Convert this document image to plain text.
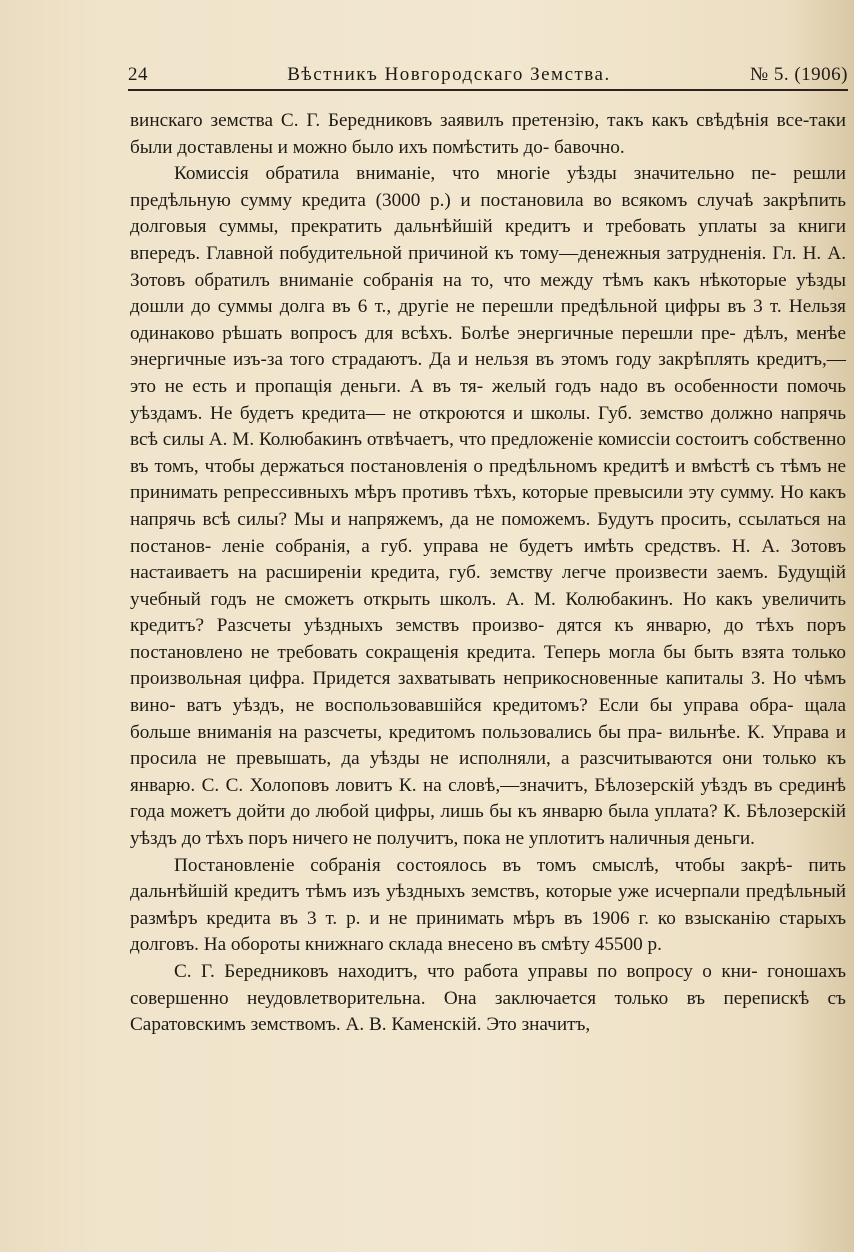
24	Вѣстникъ Новгородскаго Земства.	№ 5. (1906)

винскаго земства С. Г. Бередниковъ заявилъ претензію, такъ какъ свѣдѣнія все-таки были доставлены и можно было ихъ помѣстить до- бавочно.

Комиссія обратила вниманіе, что многіе уѣзды значительно пе- решли предѣльную сумму кредита (3000 р.) и постановила во всякомъ случаѣ закрѣпить долговыя суммы, прекратить дальнѣйшій кредитъ и требовать уплаты за книги впередъ. Главной побудительной причиной къ тому—денежныя затрудненія. Гл. Н. А. Зотовъ обратилъ вниманіе собранія на то, что между тѣмъ какъ нѣкоторые уѣзды дошли до суммы долга въ 6 т., другіе не перешли предѣльной цифры въ 3 т. Нельзя одинаково рѣшать вопросъ для всѣхъ. Болѣе энергичные перешли пре- дѣлъ, менѣе энергичные изъ-за того страдаютъ. Да и нельзя въ этомъ году закрѣплять кредитъ,—это не есть и пропащія деньги. А въ тя- желый годъ надо въ особенности помочь уѣздамъ. Не будетъ кредита— не откроются и школы. Губ. земство должно напрячь всѣ силы А. М. Колюбакинъ отвѣчаетъ, что предложеніе комиссіи состоитъ собственно въ томъ, чтобы держаться постановленія о предѣльномъ кредитѣ и вмѣстѣ съ тѣмъ не принимать репрессивныхъ мѣръ противъ тѣхъ, которые превысили эту сумму. Но какъ напрячь всѣ силы? Мы и напряжемъ, да не поможемъ. Будутъ просить, ссылаться на постанов- леніе собранія, а губ. управа не будетъ имѣть средствъ. Н. А. Зотовъ настаиваетъ на расширеніи кредита, губ. земству легче произвести заемъ. Будущій учебный годъ не сможетъ открыть школъ. А. М. Колюбакинъ. Но какъ увеличить кредитъ? Разсчеты уѣздныхъ земствъ произво- дятся къ январю, до тѣхъ поръ постановлено не требовать сокращенія кредита. Теперь могла бы быть взята только произвольная цифра. Придется захватывать неприкосновенные капиталы З. Но чѣмъ вино- ватъ уѣздъ, не воспользовавшійся кредитомъ? Если бы управа обра- щала больше вниманія на разсчеты, кредитомъ пользовались бы пра- вильнѣе. К. Управа и просила не превышать, да уѣзды не исполняли, а разсчитываются они только къ январю. С. С. Холоповъ ловитъ К. на словѣ,—значитъ, Бѣлозерскій уѣздъ въ срединѣ года можетъ дойти до любой цифры, лишь бы къ январю была уплата? К. Бѣлозерскій уѣздъ до тѣхъ поръ ничего не получитъ, пока не уплотитъ наличныя деньги.

Постановленіе собранія состоялось въ томъ смыслѣ, чтобы закрѣ- пить дальнѣйшій кредитъ тѣмъ изъ уѣздныхъ земствъ, которые уже исчерпали предѣльный размѣръ кредита въ 3 т. р. и не принимать мѣръ въ 1906 г. ко взысканію старыхъ долговъ. На обороты книжнаго склада внесено въ смѣту 45500 р.

С. Г. Бередниковъ находитъ, что работа управы по вопросу о кни- гоношахъ совершенно неудовлетворительна. Она заключается только въ перепискѣ съ Саратовскимъ земствомъ. А. В. Каменскій. Это значитъ,
